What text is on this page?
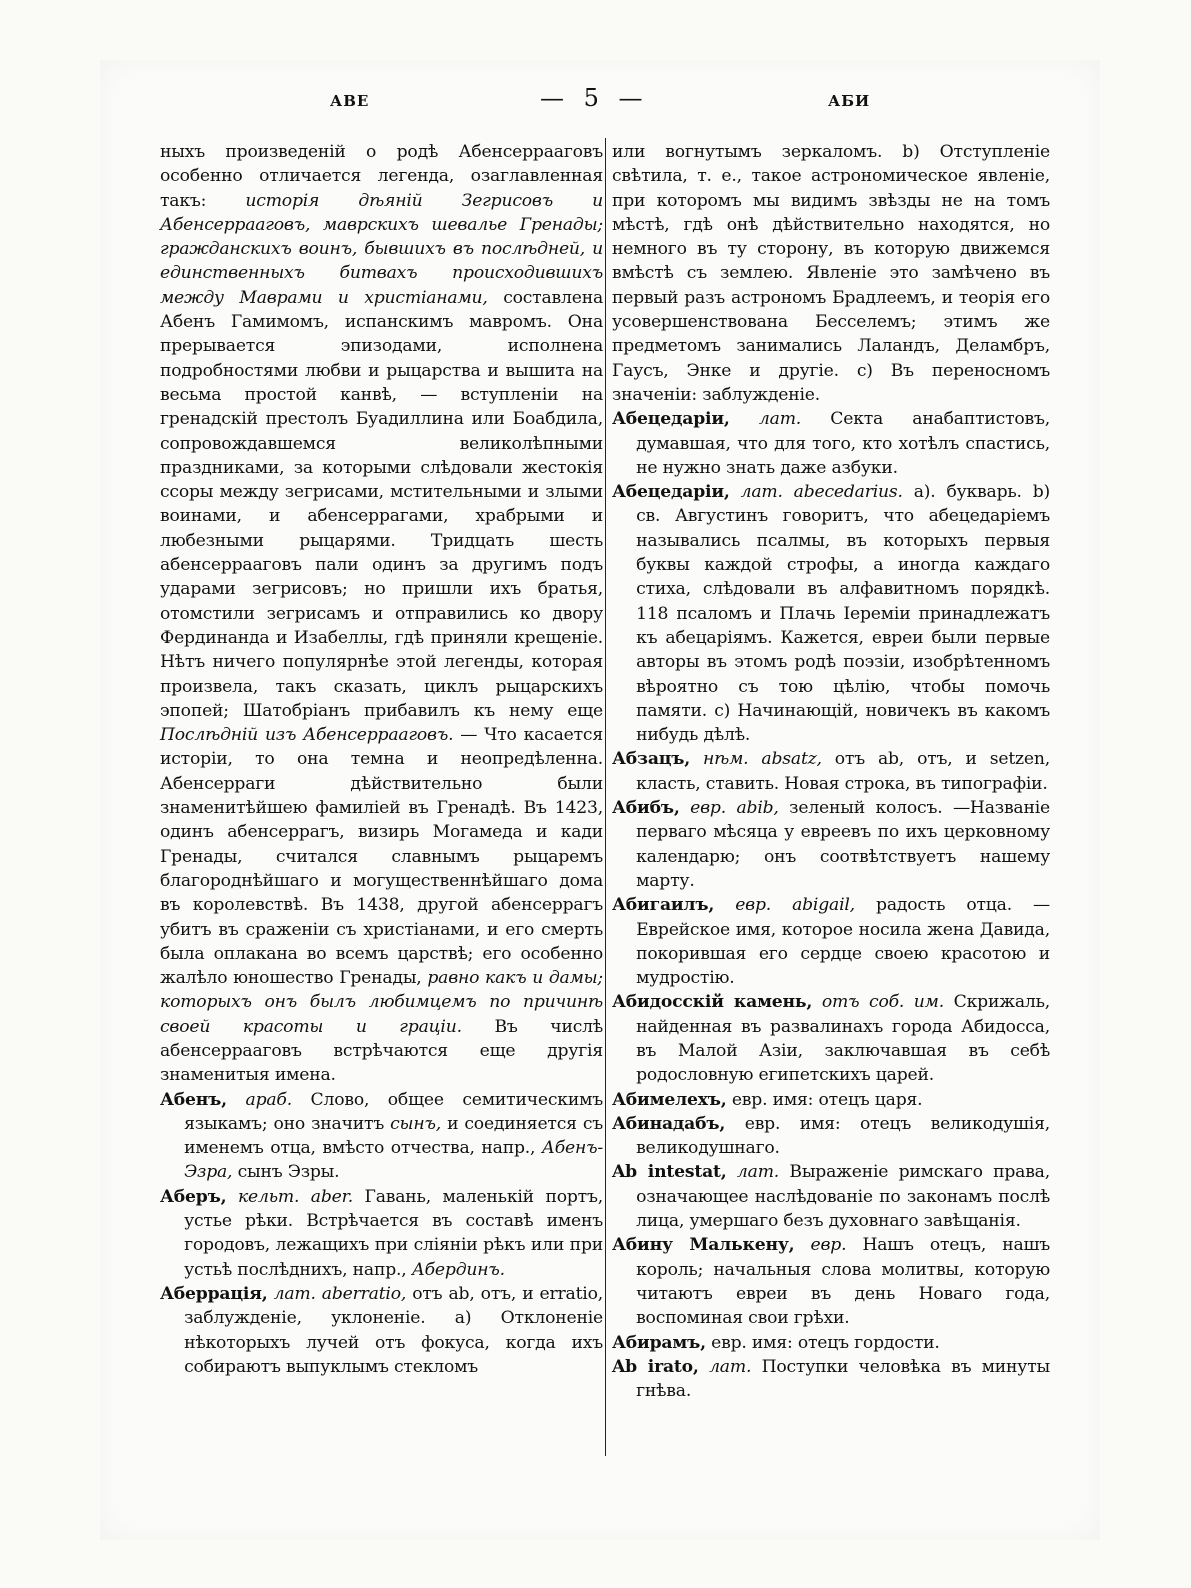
АВЕ	— 5 —	АБИ

ныхъ произведеній о родѣ Абенсеррааговъ особенно отличается легенда, озаглавленная такъ: исторія дѣяній Зегрисовъ и Абенсеррааговъ, маврскихъ шевалье Гренады; гражданскихъ воинъ, бывшихъ въ послѣдней, и единственныхъ битвахъ происходившихъ между Маврами и христіанами, составлена Абенъ Гамимомъ, испанскимъ мавромъ. Она прерывается эпизодами, исполнена подробностями любви и рыцарства и вышита на весьма простой канвѣ, — вступленіи на гренадскій престолъ Буадиллина или Боабдила, сопровождавшемся великолѣпными праздниками, за которыми слѣдовали жестокія ссоры между зегрисами, мстительными и злыми воинами, и абенсеррагами, храбрыми и любезными рыцарями. Тридцать шесть абенсеррааговъ пали одинъ за другимъ подъ ударами зегрисовъ; но пришли ихъ братья, отомстили зегрисамъ и отправились ко двору Фердинанда и Изабеллы, гдѣ приняли крещеніе. Нѣтъ ничего популярнѣе этой легенды, которая произвела, такъ сказать, циклъ рыцарскихъ эпопей; Шатобріанъ прибавилъ къ нему еще Послѣдній изъ Абенсеррааговъ. — Что касается исторіи, то она темна и неопредѣленна. Абенсерраги дѣйствительно были знаменитѣйшею фамиліей въ Гренадѣ. Въ 1423, одинъ абенсеррагъ, визирь Могамеда и кади Гренады, считался славнымъ рыцаремъ благороднѣйшаго и могущественнѣйшаго дома въ королевствѣ. Въ 1438, другой абенсеррагъ убитъ въ сраженіи съ христіанами, и его смерть была оплакана во всемъ царствѣ; его особенно жалѣло юношество Гренады, равно какъ и дамы; которыхъ онъ былъ любимцемъ по причинѣ своей красоты и граціи. Въ числѣ абенсеррааговъ встрѣчаются еще другія знаменитыя имена.

Абенъ, араб. Слово, общее семитическимъ языкамъ; оно значитъ сынъ, и соединяется съ именемъ отца, вмѣсто отчества, напр., Абенъ-Эзра, сынъ Эзры.

Аберъ, кельт. aber. Гавань, маленькій портъ, устье рѣки. Встрѣчается въ составѣ именъ городовъ, лежащихъ при сліяніи рѣкъ или при устьѣ послѣднихъ, напр., Абердинъ.

Аберрація, лат. aberratio, отъ ab, отъ, и erratio, заблужденіе, уклоненіе. а) Отклоненіе нѣкоторыхъ лучей отъ фокуса, когда ихъ собираютъ выпуклымъ стекломъ

или вогнутымъ зеркаломъ. b) Отступленіе свѣтила, т. е., такое астрономическое явленіе, при которомъ мы видимъ звѣзды не на томъ мѣстѣ, гдѣ онѣ дѣйствительно находятся, но немного въ ту сторону, въ которую движемся вмѣстѣ съ землею. Явленіе это замѣчено въ первый разъ астрономъ Брадлеемъ, и теорія его усовершенствована Бесселемъ; этимъ же предметомъ занимались Лаландъ, Деламбръ, Гаусъ, Энке и другіе. с) Въ переносномъ значеніи: заблужденіе.

Абецедаріи, лат. Секта анабаптистовъ, думавшая, что для того, кто хотѣлъ спастись, не нужно знать даже азбуки.

Абецедаріи, лат. abecedarius. а). букварь. b) св. Августинъ говоритъ, что абецедаріемъ назывались псалмы, въ которыхъ первыя буквы каждой строфы, а иногда каждаго стиха, слѣдовали въ алфавитномъ порядкѣ. 118 псаломъ и Плачь Іереміи принадлежатъ къ абецаріямъ. Кажется, евреи были первые авторы въ этомъ родѣ поэзіи, изобрѣтенномъ вѣроятно съ тою цѣлію, чтобы помочь памяти. с) Начинающій, новичекъ въ какомъ нибудь дѣлѣ.

Абзацъ, нѣм. absatz, отъ ab, отъ, и setzen, класть, ставить. Новая строка, въ типографіи.

Абибъ, евр. abib, зеленый колосъ. —Названіе перваго мѣсяца у евреевъ по ихъ церковному календарю; онъ соотвѣтствуетъ нашему марту.

Абигаилъ, евр. abigail, радость отца. —Еврейское имя, которое носила жена Давида, покорившая его сердце своею красотою и мудростію.

Абидосскій камень, отъ соб. им. Скрижаль, найденная въ развалинахъ города Абидосса, въ Малой Азіи, заключавшая въ себѣ родословную египетскихъ царей.

Абимелехъ, евр. имя: отецъ царя.

Абинадабъ, евр. имя: отецъ великодушія, великодушнаго.

Ab intestat, лат. Выраженіе римскаго права, означающее наслѣдованіе по законамъ послѣ лица, умершаго безъ духовнаго завѣщанія.

Абину Малькену, евр. Нашъ отецъ, нашъ король; начальныя слова молитвы, которую читаютъ евреи въ день Новаго года, воспоминая свои грѣхи.

Абирамъ, евр. имя: отецъ гордости.

Ab irato, лат. Поступки человѣка въ минуты гнѣва.
